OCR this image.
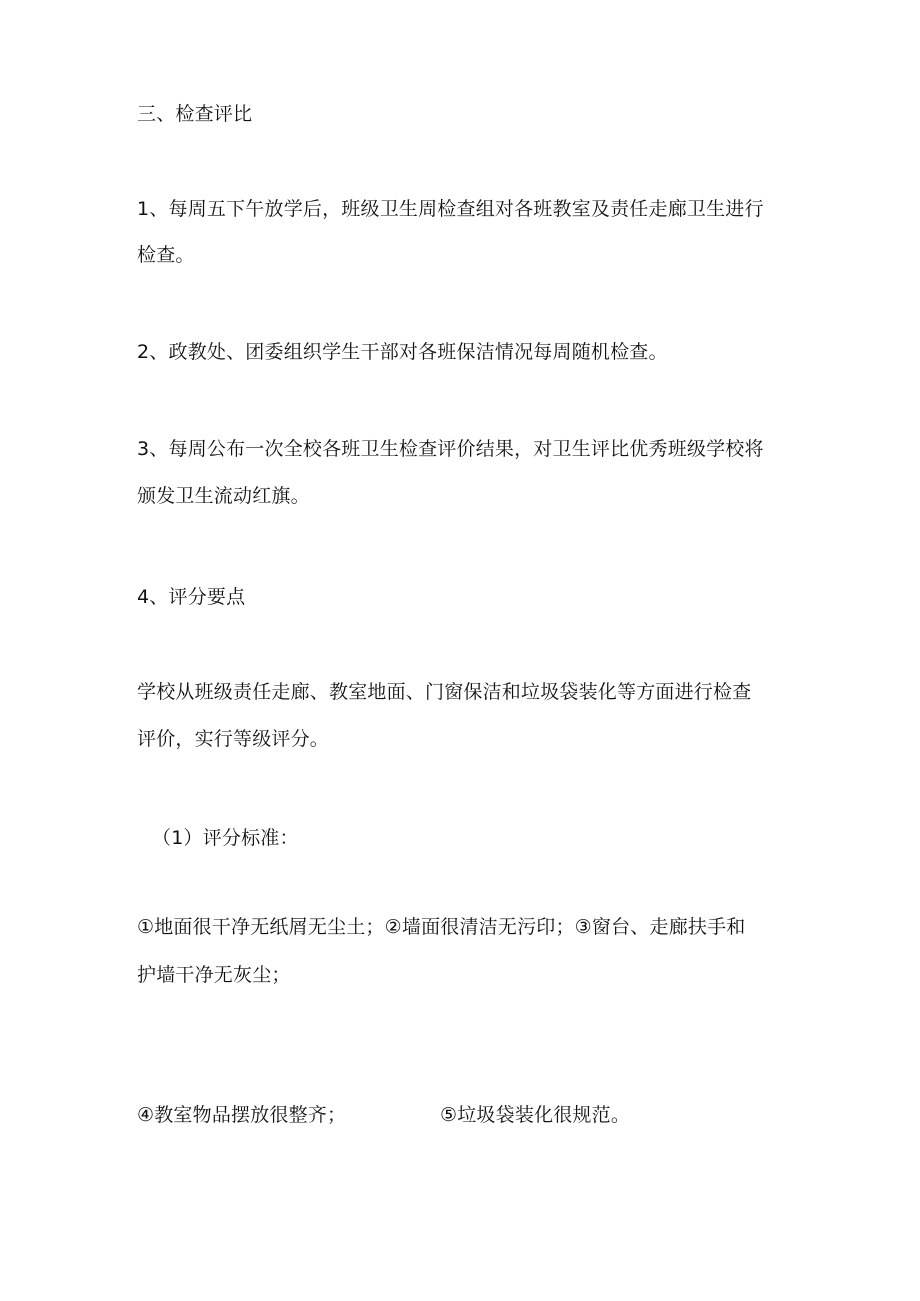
三、检查评比
1、每周五下午放学后，班级卫生周检查组对各班教室及责任走廊卫生进行
检查。
2、政教处、团委组织学生干部对各班保洁情况每周随机检查。
3、每周公布一次全校各班卫生检查评价结果，对卫生评比优秀班级学校将
颁发卫生流动红旗。
4、评分要点
学校从班级责任走廊、教室地面、门窗保洁和垃圾袋装化等方面进行检查
评价，实行等级评分。
（1）评分标准：
①地面很干净无纸屑无尘土；②墙面很清洁无污印；③窗台、走廊扶手和
护墙干净无灰尘；
④教室物品摆放很整齐；	⑤垃圾袋装化很规范。
